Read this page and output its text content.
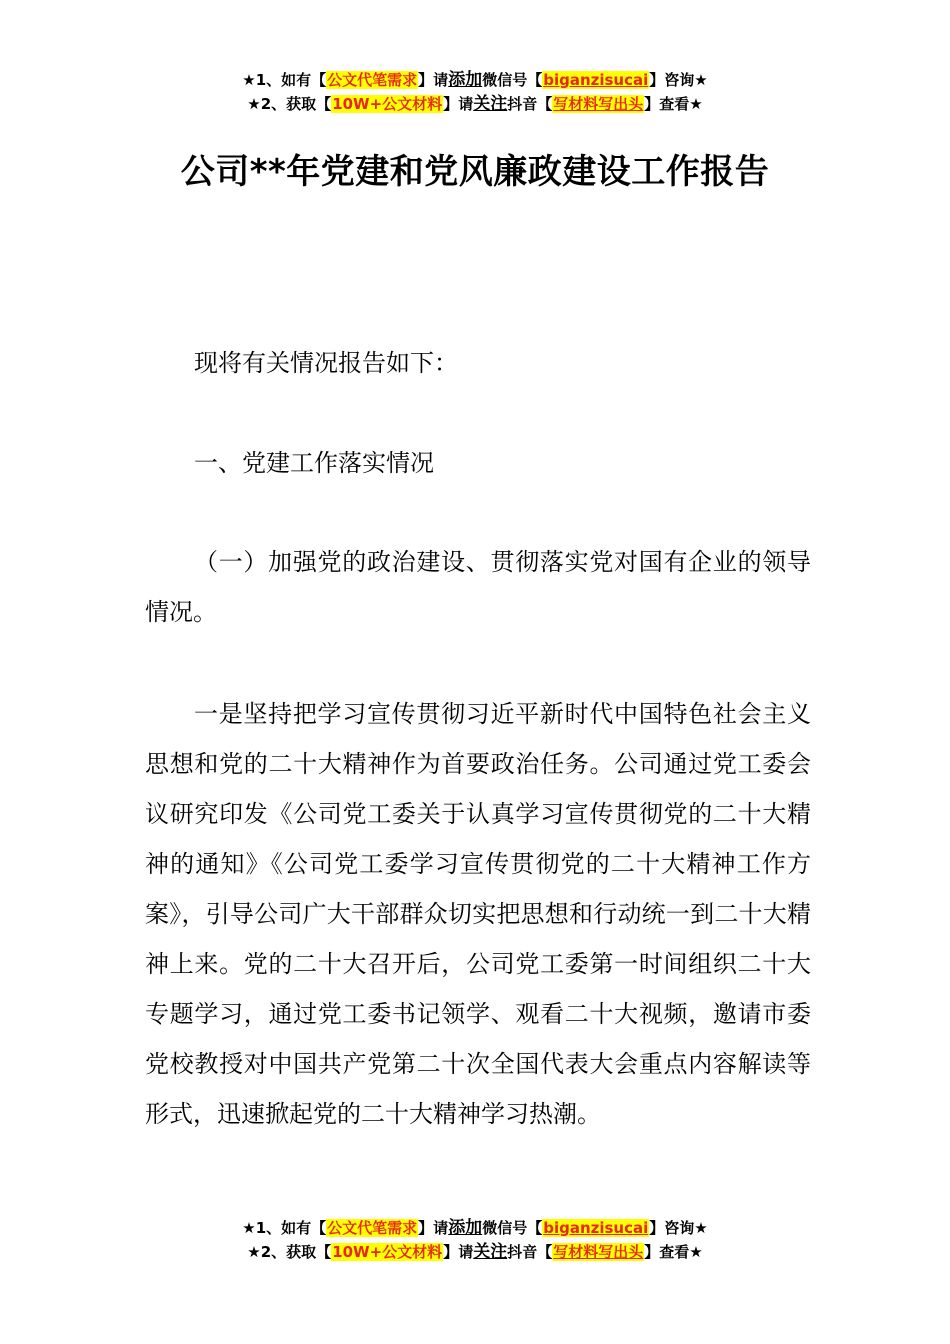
★1、如有【公文代笔需求】请添加微信号【biganzisucai】咨询★
★2、获取【10W+公文材料】请关注抖音【写材料写出头】查看★
公司**年党建和党风廉政建设工作报告

现将有关情况报告如下：

一、党建工作落实情况

（一）加强党的政治建设、贯彻落实党对国有企业的领导情况。

一是坚持把学习宣传贯彻习近平新时代中国特色社会主义思想和党的二十大精神作为首要政治任务。公司通过党工委会议研究印发《公司党工委关于认真学习宣传贯彻党的二十大精神的通知》《公司党工委学习宣传贯彻党的二十大精神工作方案》，引导公司广大干部群众切实把思想和行动统一到二十大精神上来。党的二十大召开后，公司党工委第一时间组织二十大专题学习，通过党工委书记领学、观看二十大视频，邀请市委党校教授对中国共产党第二十次全国代表大会重点内容解读等形式，迅速掀起党的二十大精神学习热潮。

★1、如有【公文代笔需求】请添加微信号【biganzisucai】咨询★
★2、获取【10W+公文材料】请关注抖音【写材料写出头】查看★
